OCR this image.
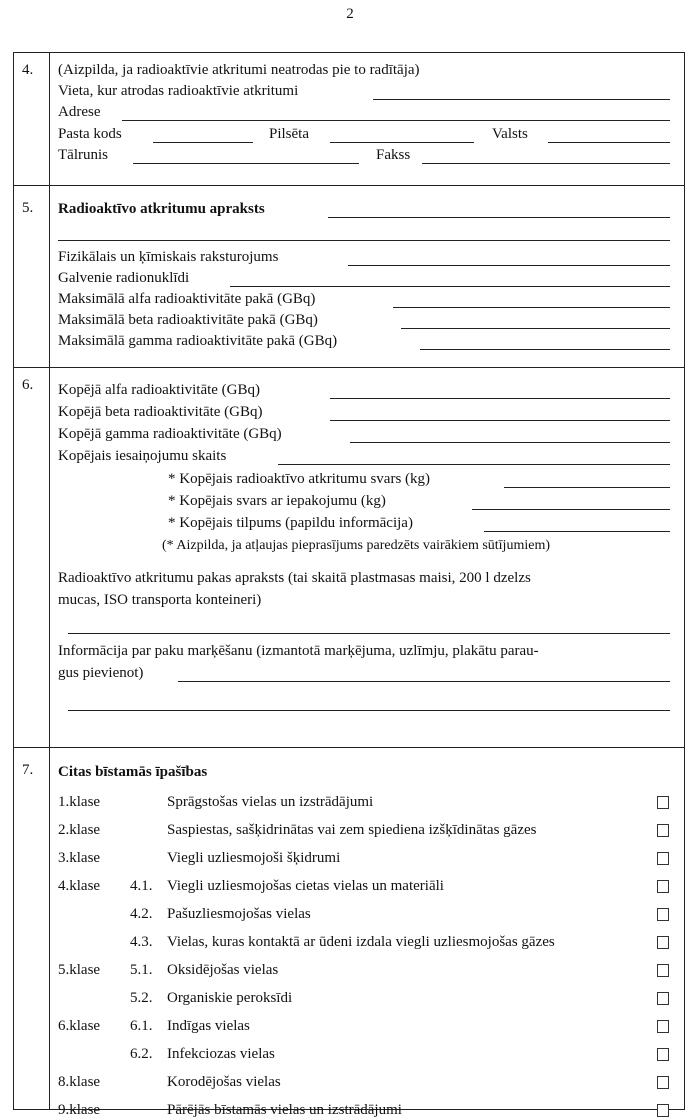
2
4.	(Aizpilda, ja radioaktīvie atkritumi neatrodas pie to radītāja)
Vieta, kur atrodas radioaktīvie atkritumi
Adrese
Pasta kods	Pilsēta	Valsts
Tālrunis	Fakss
5.	Radioaktīvo atkritumu apraksts
Fizikālais un ķīmiskais raksturojums
Galvenie radionuklīdi
Maksimālā alfa radioaktivitāte pakā (GBq)
Maksimālā beta radioaktivitāte pakā (GBq)
Maksimālā gamma radioaktivitāte pakā (GBq)
6.	Kopējā alfa radioaktivitāte (GBq)
Kopējā beta radioaktivitāte (GBq)
Kopējā gamma radioaktivitāte (GBq)
Kopējais iesaiņojumu skaits
* Kopējais radioaktīvo atkritumu svars (kg)
* Kopējais svars ar iepakojumu (kg)
* Kopējais tilpums (papildu informācija)
(* Aizpilda, ja atļaujas pieprasījums paredzēts vairākiem sūtījumiem)
Radioaktīvo atkritumu pakas apraksts (tai skaitā plastmasas maisi, 200 l dzelzs
mucas, ISO transporta konteineri)
Informācija par paku marķēšanu (izmantotā marķējuma, uzlīmju, plakātu parau-
gus pievienot)
7.	Citas bīstamās īpašības
1.klase	Sprāgstošas vielas un izstrādājumi
2.klase	Saspiestas, sašķidrinātas vai zem spiediena izšķīdinātas gāzes
3.klase	Viegli uzliesmojoši šķidrumi
4.klase 4.1. Viegli uzliesmojošas cietas vielas un materiāli
4.2. Pašuzliesmojošas vielas
4.3. Vielas, kuras kontaktā ar ūdeni izdala viegli uzliesmojošas gāzes
5.klase 5.1. Oksidējošas vielas
5.2. Organiskie peroksīdi
6.klase 6.1. Indīgas vielas
6.2. Infekciozas vielas
8.klase	Korodējošas vielas
9.klase	Pārējās bīstamās vielas un izstrādājumi
